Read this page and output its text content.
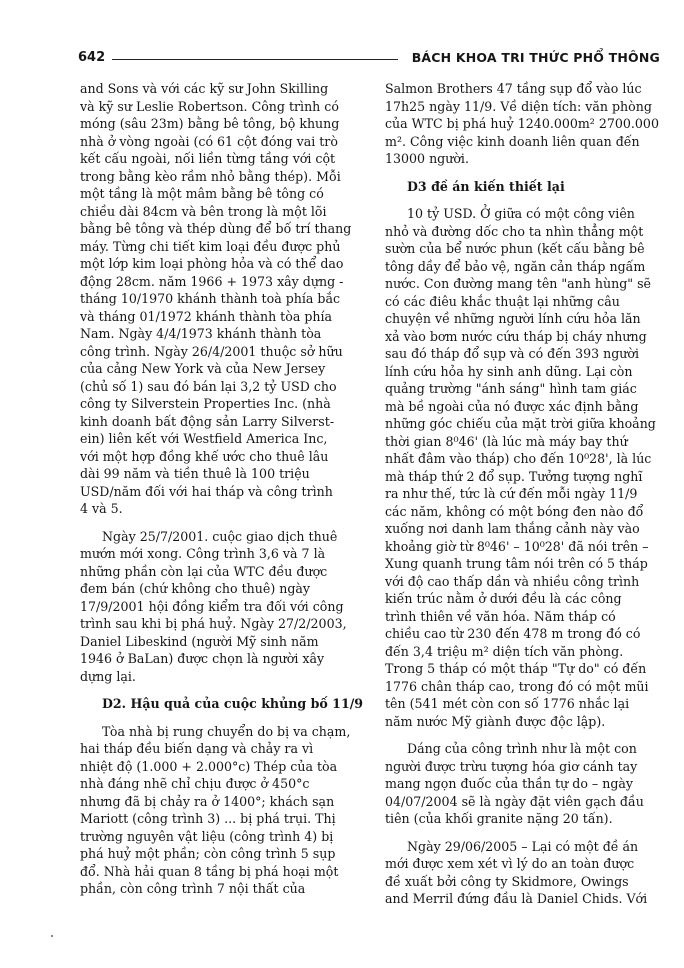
642	BÁCH KHOA TRI THỨC PHỔ THÔNG

and Sons và với các kỹ sư John Skilling
và kỹ sư Leslie Robertson. Công trình có
móng (sâu 23m) bằng bê tông, bộ khung
nhà ở vòng ngoài (có 61 cột đóng vai trò
kết cấu ngoài, nối liền từng tầng với cột
trong bằng kèo rầm nhỏ bằng thép). Mỗi
một tầng là một mâm bằng bê tông có
chiều dài 84cm và bên trong là một lõi
bằng bê tông và thép dùng để bố trí thang
máy. Từng chi tiết kim loại đều được phủ
một lớp kim loại phòng hỏa và có thể dao
động 28cm. năm 1966 + 1973 xây dựng -
tháng 10/1970 khánh thành toà phía bắc
và tháng 01/1972 khánh thành tòa phía
Nam. Ngày 4/4/1973 khánh thành tòa
công trình. Ngày 26/4/2001 thuộc sở hữu
của cảng New York và của New Jersey
(chủ số 1) sau đó bán lại 3,2 tỷ USD cho
công ty Silverstein Properties Inc. (nhà
kinh doanh bất động sản Larry Silverst-
ein) liên kết với Westfield America Inc,
với một hợp đồng khế ước cho thuê lâu
dài 99 năm và tiền thuê là 100 triệu
USD/năm đối với hai tháp và công trình
4 và 5.

Ngày 25/7/2001. cuộc giao dịch thuê
mướn mới xong. Công trình 3,6 và 7 là
những phần còn lại của WTC đều được
đem bán (chứ không cho thuê) ngày
17/9/2001 hội đồng kiểm tra đối với công
trình sau khi bị phá huỷ. Ngày 27/2/2003,
Daniel Libeskind (người Mỹ sinh năm
1946 ở BaLan) được chọn là người xây
dựng lại.

D2. Hậu quả của cuộc khủng bố 11/9

Tòa nhà bị rung chuyển do bị va chạm,
hai tháp đều biến dạng và chảy ra vì
nhiệt độ (1.000 + 2.000°c) Thép của tòa
nhà đáng nhẽ chỉ chịu được ở 450°c
nhưng đã bị chảy ra ở 1400°; khách sạn
Mariott (công trình 3) ... bị phá trụi. Thị
trường nguyên vật liệu (công trình 4) bị
phá huỷ một phần; còn công trình 5 sụp
đổ. Nhà hải quan 8 tầng bị phá hoại một
phần, còn công trình 7 nội thất của

Salmon Brothers 47 tầng sụp đổ vào lúc
17h25 ngày 11/9. Về diện tích: văn phòng
của WTC bị phá huỷ 1240.000m² 2700.000
m². Công việc kinh doanh liên quan đến
13000 người.

D3 đề án kiến thiết lại

10 tỷ USD. Ở giữa có một công viên
nhỏ và đường dốc cho ta nhìn thẳng một
sườn của bể nước phun (kết cấu bằng bê
tông dầy để bảo vệ, ngăn cản tháp ngấm
nước. Con đường mang tên "anh hùng" sẽ
có các điêu khắc thuật lại những câu
chuyện về những người lính cứu hỏa lăn
xả vào bơm nước cứu tháp bị cháy nhưng
sau đó tháp đổ sụp và có đến 393 người
lính cứu hỏa hy sinh anh dũng. Lại còn
quảng trường "ánh sáng" hình tam giác
mà bề ngoài của nó được xác định bằng
những góc chiếu của mặt trời giữa khoảng
thời gian 8⁰46' (là lúc mà máy bay thứ
nhất đâm vào tháp) cho đến 10⁰28', là lúc
mà tháp thứ 2 đổ sụp. Tưởng tượng nghĩ
ra như thế, tức là cứ đến mỗi ngày 11/9
các năm, không có một bóng đen nào đổ
xuống nơi danh lam thắng cảnh này vào
khoảng giờ từ 8⁰46' – 10⁰28' đã nói trên –
Xung quanh trung tâm nói trên có 5 tháp
với độ cao thấp dần và nhiều công trình
kiến trúc nằm ở dưới đều là các công
trình thiên về văn hóa. Năm tháp có
chiều cao từ 230 đến 478 m trong đó có
đến 3,4 triệu m² diện tích văn phòng.
Trong 5 tháp có một tháp "Tự do" có đến
1776 chân tháp cao, trong đó có một mũi
tên (541 mét còn con số 1776 nhắc lại
năm nước Mỹ giành được độc lập).

Dáng của công trình như là một con
người được trừu tượng hóa giơ cánh tay
mang ngọn đuốc của thần tự do – ngày
04/07/2004 sẽ là ngày đặt viên gạch đầu
tiên (của khối granite nặng 20 tấn).

Ngày 29/06/2005 – Lại có một đề án
mới được xem xét vì lý do an toàn được
đề xuất bởi công ty Skidmore, Owings
and Merril đứng đầu là Daniel Chids. Với
